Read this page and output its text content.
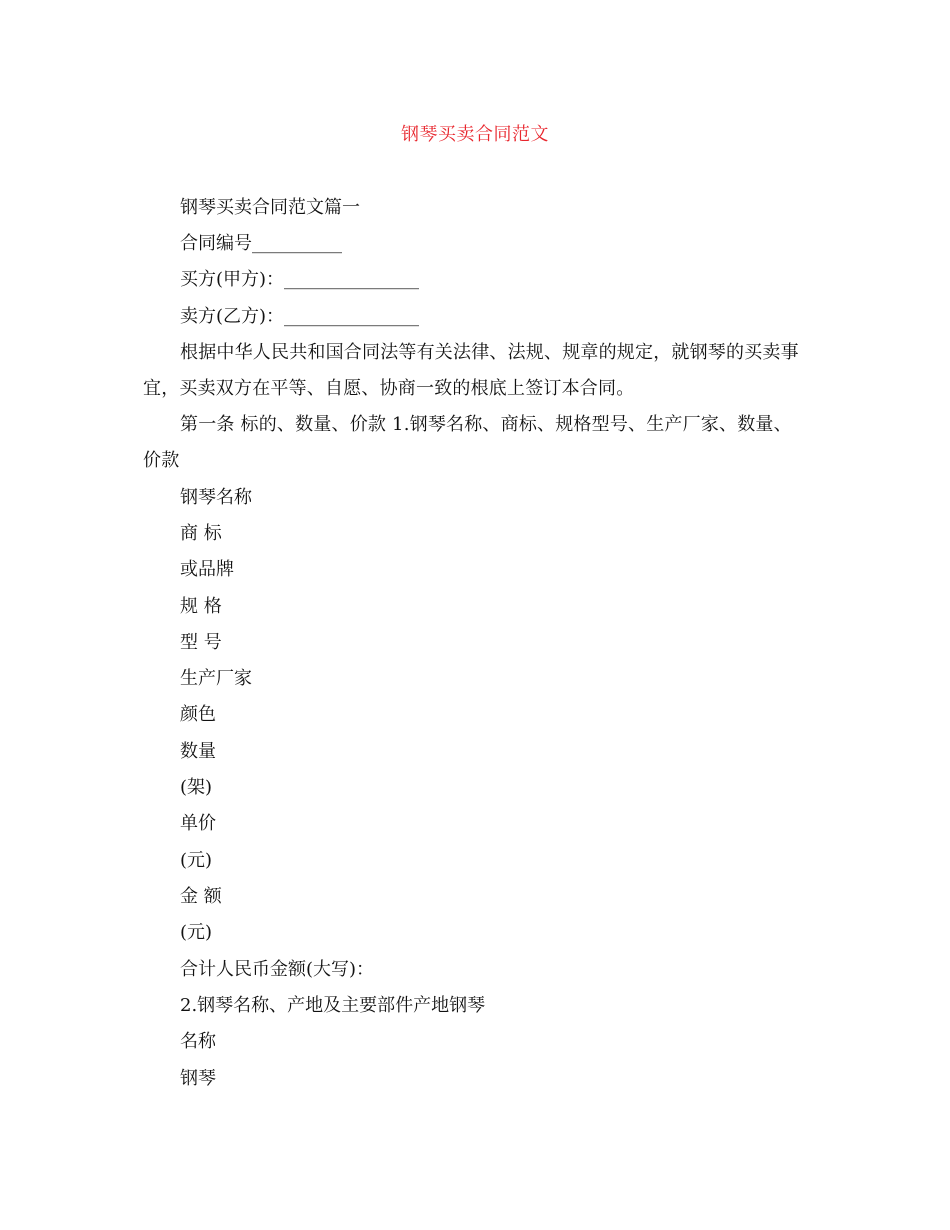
钢琴买卖合同范文
钢琴买卖合同范文篇一
合同编号__________
买方(甲方)：_______________
卖方(乙方)：_______________
根据中华人民共和国合同法等有关法律、法规、规章的规定，就钢琴的买卖事宜，买卖双方在平等、自愿、协商一致的根底上签订本合同。
第一条 标的、数量、价款 1.钢琴名称、商标、规格型号、生产厂家、数量、价款
钢琴名称
商 标
或品牌
规 格
型 号
生产厂家
颜色
数量
(架)
单价
(元)
金 额
(元)
合计人民币金额(大写)：
2.钢琴名称、产地及主要部件产地钢琴
名称
钢琴
